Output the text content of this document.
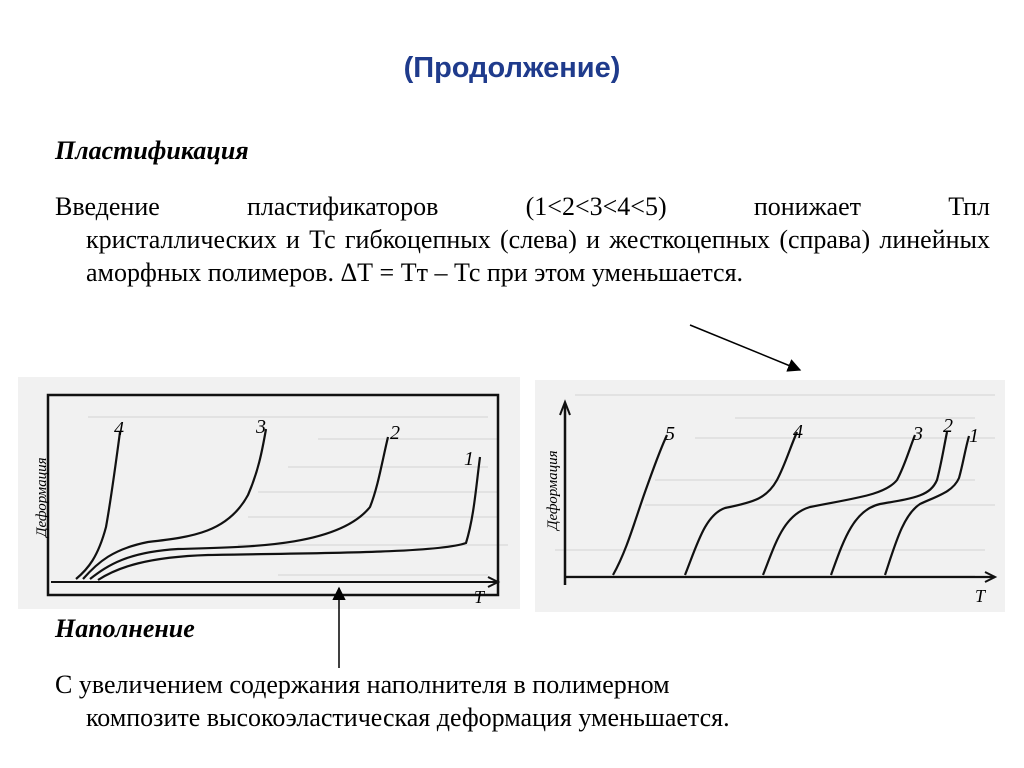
(Продолжение)
Пластификация
Введение пластификаторов (1<2<3<4<5) понижает Тпл
кристаллических и Тс гибкоцепных (слева) и жесткоцепных (справа) линейных аморфных полимеров. ΔТ = Тт – Тс при этом уменьшается.
T
Деформация
4	3	2
1
T
Деформация
5	4	3 2 1
Наполнение
С увеличением содержания наполнителя в полимерном
композите высокоэластическая деформация уменьшается.
